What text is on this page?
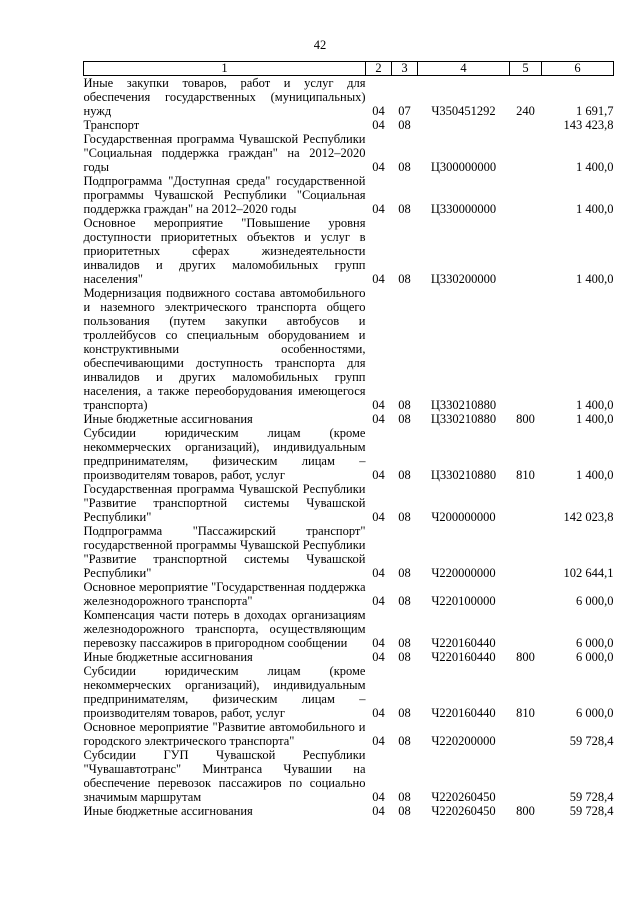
42
1	2	3	4	5	6
Иные закупки товаров, работ и услуг для обеспечения государственных (муниципальных) нужд	04	07	Ч350451292	240	1 691,7
Транспорт	04	08			143 423,8
Государственная программа Чувашской Республики "Социальная поддержка граждан" на 2012–2020 годы	04	08	Ц300000000		1 400,0
Подпрограмма "Доступная среда" государственной программы Чувашской Республики "Социальная поддержка граждан" на 2012–2020 годы	04	08	Ц330000000		1 400,0
Основное мероприятие "Повышение уровня доступности приоритетных объектов и услуг в приоритетных сферах жизнедеятельности инвалидов и других маломобильных групп населения"	04	08	Ц330200000		1 400,0
Модернизация подвижного состава автомобильного и наземного электрического транспорта общего пользования (путем закупки автобусов и троллейбусов со специальным оборудованием и конструктивными особенностями, обеспечивающими доступность транспорта для инвалидов и других маломобильных групп населения, а также переоборудования имеющегося транспорта)	04	08	Ц330210880		1 400,0
Иные бюджетные ассигнования	04	08	Ц330210880	800	1 400,0
Субсидии юридическим лицам (кроме некоммерческих организаций), индивидуальным предпринимателям, физическим лицам – производителям товаров, работ, услуг	04	08	Ц330210880	810	1 400,0
Государственная программа Чувашской Республики "Развитие транспортной системы Чувашской Республики"	04	08	Ч200000000		142 023,8
Подпрограмма "Пассажирский транспорт" государственной программы Чувашской Республики "Развитие транспортной системы Чувашской Республики"	04	08	Ч220000000		102 644,1
Основное мероприятие "Государственная поддержка железнодорожного транспорта"	04	08	Ч220100000		6 000,0
Компенсация части потерь в доходах организациям железнодорожного транспорта, осуществляющим перевозку пассажиров в пригородном сообщении	04	08	Ч220160440		6 000,0
Иные бюджетные ассигнования	04	08	Ч220160440	800	6 000,0
Субсидии юридическим лицам (кроме некоммерческих организаций), индивидуальным предпринимателям, физическим лицам – производителям товаров, работ, услуг	04	08	Ч220160440	810	6 000,0
Основное мероприятие "Развитие автомобильного и городского электрического транспорта"	04	08	Ч220200000		59 728,4
Субсидии ГУП Чувашской Республики "Чувашавтотранс" Минтранса Чувашии на обеспечение перевозок пассажиров по социально значимым маршрутам	04	08	Ч220260450		59 728,4
Иные бюджетные ассигнования	04	08	Ч220260450	800	59 728,4
